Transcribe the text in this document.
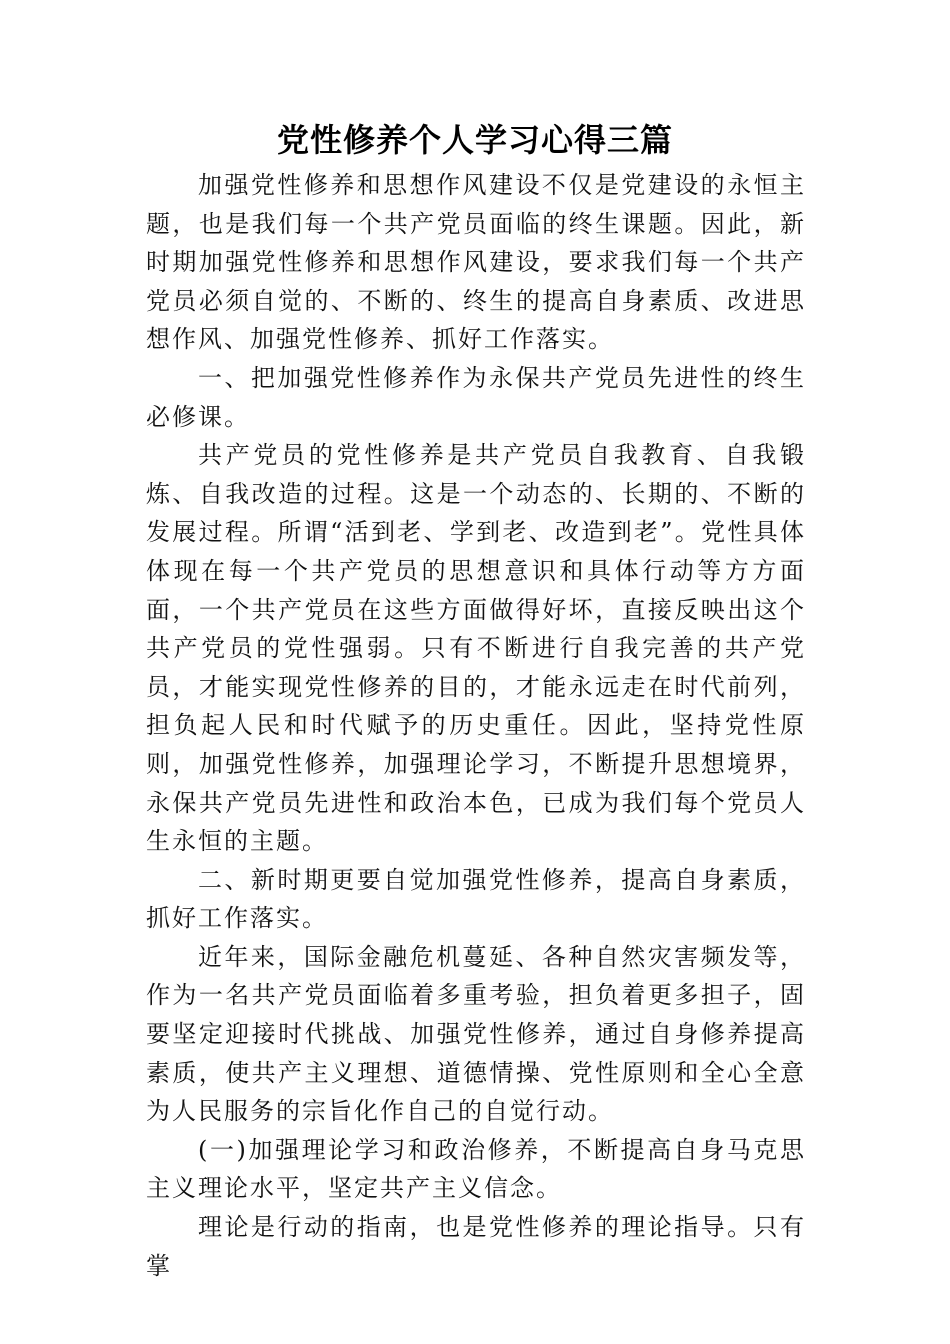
党性修养个人学习心得三篇

加强党性修养和思想作风建设不仅是党建设的永恒主题，也是我们每一个共产党员面临的终生课题。因此，新时期加强党性修养和思想作风建设，要求我们每一个共产党员必须自觉的、不断的、终生的提高自身素质、改进思想作风、加强党性修养、抓好工作落实。

一、把加强党性修养作为永保共产党员先进性的终生必修课。

共产党员的党性修养是共产党员自我教育、自我锻炼、自我改造的过程。这是一个动态的、长期的、不断的发展过程。所谓“活到老、学到老、改造到老”。党性具体体现在每一个共产党员的思想意识和具体行动等方方面面，一个共产党员在这些方面做得好坏，直接反映出这个共产党员的党性强弱。只有不断进行自我完善的共产党员，才能实现党性修养的目的，才能永远走在时代前列，担负起人民和时代赋予的历史重任。因此，坚持党性原则，加强党性修养，加强理论学习，不断提升思想境界，永保共产党员先进性和政治本色，已成为我们每个党员人生永恒的主题。

二、新时期更要自觉加强党性修养，提高自身素质，抓好工作落实。

近年来，国际金融危机蔓延、各种自然灾害频发等，作为一名共产党员面临着多重考验，担负着更多担子，固要坚定迎接时代挑战、加强党性修养，通过自身修养提高素质，使共产主义理想、道德情操、党性原则和全心全意为人民服务的宗旨化作自己的自觉行动。

(一)加强理论学习和政治修养，不断提高自身马克思主义理论水平，坚定共产主义信念。

理论是行动的指南，也是党性修养的理论指导。只有掌
